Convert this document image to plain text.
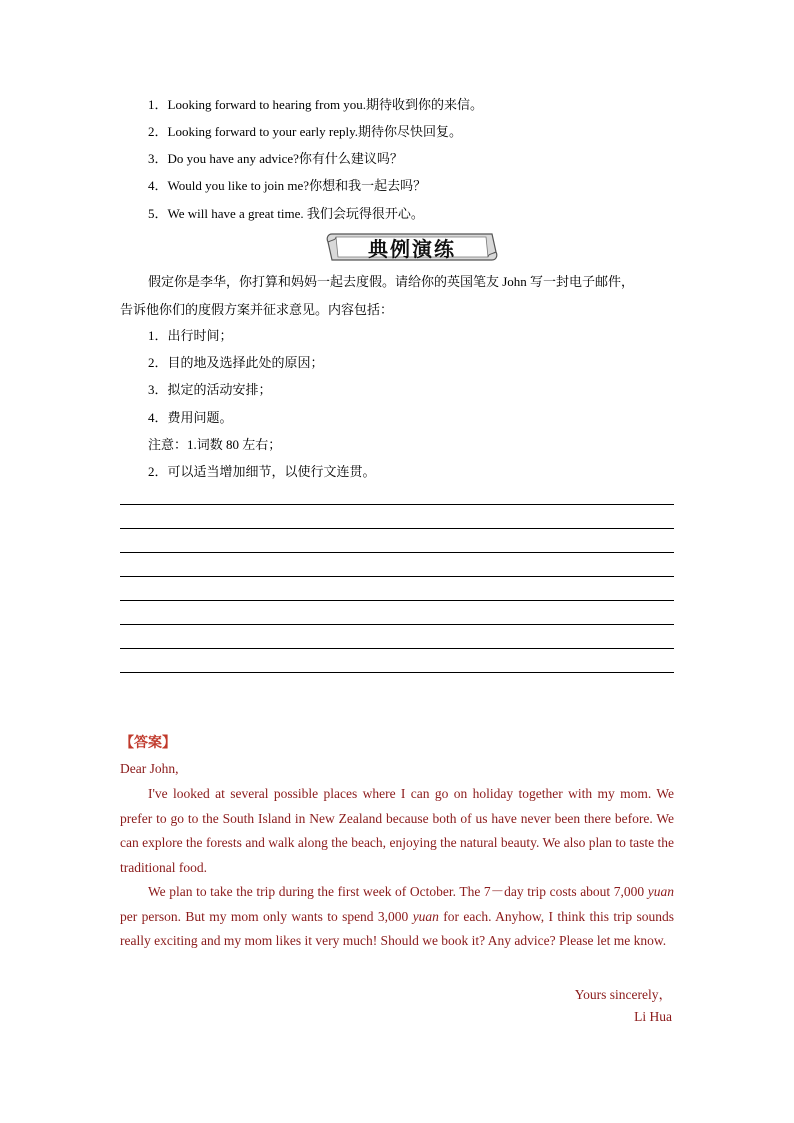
1．Looking forward to hearing from you.期待收到你的来信。
2．Looking forward to your early reply.期待你尽快回复。
3．Do you have any advice?你有什么建议吗？
4．Would you like to join me?你想和我一起去吗？
5．We will have a great time. 我们会玩得很开心。
典例演练
假定你是李华，你打算和妈妈一起去度假。请给你的英国笔友 John 写一封电子邮件，
告诉他你们的度假方案并征求意见。内容包括：
1．出行时间；
2．目的地及选择此处的原因；
3．拟定的活动安排；
4．费用问题。
注意：1.词数 80 左右；
2．可以适当增加细节，以使行文连贯。
【答案】
Dear John,
I've looked at several possible places where I can go on holiday together with my mom. We prefer to go to the South Island in New Zealand because both of us have never been there before. We can explore the forests and walk along the beach, enjoying the natural beauty. We also plan to taste the traditional food.
We plan to take the trip during the first week of October. The 7－day trip costs about 7,000 yuan per person. But my mom only wants to spend 3,000 yuan for each. Anyhow, I think this trip sounds really exciting and my mom likes it very much! Should we book it? Any advice? Please let me know.
Yours sincerely，
Li Hua
